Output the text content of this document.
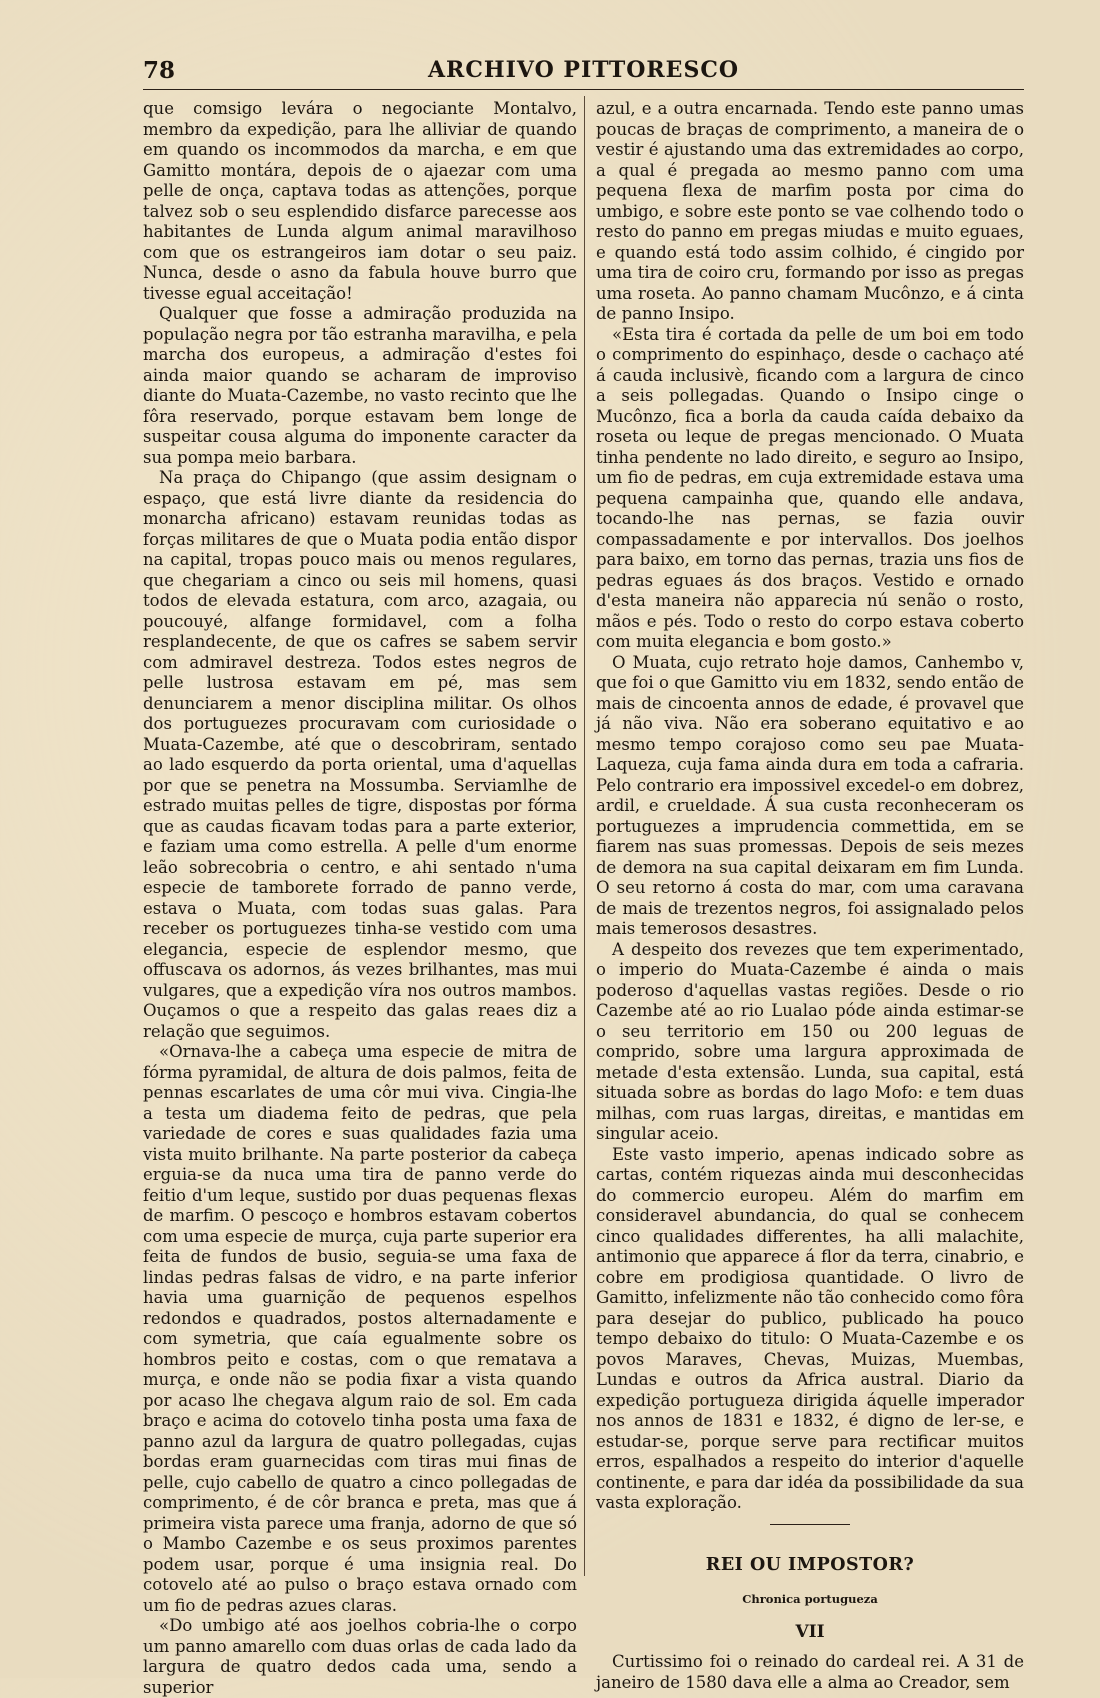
78	ARCHIVO PITTORESCO

que comsigo levára o negociante Montalvo, membro da expedição, para lhe alliviar de quando em quando os incommodos da marcha, e em que Gamitto montára, depois de o ajaezar com uma pelle de onça, captava todas as attenções, porque talvez sob o seu esplendido disfarce parecesse aos habitantes de Lunda algum animal maravilhoso com que os estrangeiros iam dotar o seu paiz. Nunca, desde o asno da fabula houve burro que tivesse egual acceitação!

Qualquer que fosse a admiração produzida na população negra por tão estranha maravilha, e pela marcha dos europeus, a admiração d'estes foi ainda maior quando se acharam de improviso diante do Muata-Cazembe, no vasto recinto que lhe fôra reservado, porque estavam bem longe de suspeitar cousa alguma do imponente caracter da sua pompa meio barbara.

Na praça do Chipango (que assim designam o espaço, que está livre diante da residencia do monarcha africano) estavam reunidas todas as forças militares de que o Muata podia então dispor na capital, tropas pouco mais ou menos regulares, que chegariam a cinco ou seis mil homens, quasi todos de elevada estatura, com arco, azagaia, ou poucouyé, alfange formidavel, com a folha resplandecente, de que os cafres se sabem servir com admiravel destreza. Todos estes negros de pelle lustrosa estavam em pé, mas sem denunciarem a menor disciplina militar. Os olhos dos portuguezes procuravam com curiosidade o Muata-Cazembe, até que o descobriram, sentado ao lado esquerdo da porta oriental, uma d'aquellas por que se penetra na Mossumba. Serviamlhe de estrado muitas pelles de tigre, dispostas por fórma que as caudas ficavam todas para a parte exterior, e faziam uma como estrella. A pelle d'um enorme leão sobrecobria o centro, e ahi sentado n'uma especie de tamborete forrado de panno verde, estava o Muata, com todas suas galas. Para receber os portuguezes tinha-se vestido com uma elegancia, especie de esplendor mesmo, que offuscava os adornos, ás vezes brilhantes, mas mui vulgares, que a expedição víra nos outros mambos. Ouçamos o que a respeito das galas reaes diz a relação que seguimos.

«Ornava-lhe a cabeça uma especie de mitra de fórma pyramidal, de altura de dois palmos, feita de pennas escarlates de uma côr mui viva. Cingia-lhe a testa um diadema feito de pedras, que pela variedade de cores e suas qualidades fazia uma vista muito brilhante. Na parte posterior da cabeça erguia-se da nuca uma tira de panno verde do feitio d'um leque, sustido por duas pequenas flexas de marfim. O pescoço e hombros estavam cobertos com uma especie de murça, cuja parte superior era feita de fundos de busio, seguia-se uma faxa de lindas pedras falsas de vidro, e na parte inferior havia uma guarnição de pequenos espelhos redondos e quadrados, postos alternadamente e com symetria, que caía egualmente sobre os hombros peito e costas, com o que rematava a murça, e onde não se podia fixar a vista quando por acaso lhe chegava algum raio de sol. Em cada braço e acima do cotovelo tinha posta uma faxa de panno azul da largura de quatro pollegadas, cujas bordas eram guarnecidas com tiras mui finas de pelle, cujo cabello de quatro a cinco pollegadas de comprimento, é de côr branca e preta, mas que á primeira vista parece uma franja, adorno de que só o Mambo Cazembe e os seus proximos parentes podem usar, porque é uma insignia real. Do cotovelo até ao pulso o braço estava ornado com um fio de pedras azues claras.

«Do umbigo até aos joelhos cobria-lhe o corpo um panno amarello com duas orlas de cada lado da largura de quatro dedos cada uma, sendo a superior

azul, e a outra encarnada. Tendo este panno umas poucas de braças de comprimento, a maneira de o vestir é ajustando uma das extremidades ao corpo, a qual é pregada ao mesmo panno com uma pequena flexa de marfim posta por cima do umbigo, e sobre este ponto se vae colhendo todo o resto do panno em pregas miudas e muito eguaes, e quando está todo assim colhido, é cingido por uma tira de coiro cru, formando por isso as pregas uma roseta. Ao panno chamam Mucônzo, e á cinta de panno Insipo.

«Esta tira é cortada da pelle de um boi em todo o comprimento do espinhaço, desde o cachaço até á cauda inclusivè, ficando com a largura de cinco a seis pollegadas. Quando o Insipo cinge o Mucônzo, fica a borla da cauda caída debaixo da roseta ou leque de pregas mencionado. O Muata tinha pendente no lado direito, e seguro ao Insipo, um fio de pedras, em cuja extremidade estava uma pequena campainha que, quando elle andava, tocando-lhe nas pernas, se fazia ouvir compassadamente e por intervallos. Dos joelhos para baixo, em torno das pernas, trazia uns fios de pedras eguaes ás dos braços. Vestido e ornado d'esta maneira não apparecia nú senão o rosto, mãos e pés. Todo o resto do corpo estava coberto com muita elegancia e bom gosto.»

O Muata, cujo retrato hoje damos, Canhembo v, que foi o que Gamitto viu em 1832, sendo então de mais de cincoenta annos de edade, é provavel que já não viva. Não era soberano equitativo e ao mesmo tempo corajoso como seu pae Muata-Laqueza, cuja fama ainda dura em toda a cafraria. Pelo contrario era impossivel excedel-o em dobrez, ardil, e crueldade. Á sua custa reconheceram os portuguezes a imprudencia commettida, em se fiarem nas suas promessas. Depois de seis mezes de demora na sua capital deixaram em fim Lunda. O seu retorno á costa do mar, com uma caravana de mais de trezentos negros, foi assignalado pelos mais temerosos desastres.

A despeito dos revezes que tem experimentado, o imperio do Muata-Cazembe é ainda o mais poderoso d'aquellas vastas regiões. Desde o rio Cazembe até ao rio Lualao póde ainda estimar-se o seu territorio em 150 ou 200 leguas de comprido, sobre uma largura approximada de metade d'esta extensão. Lunda, sua capital, está situada sobre as bordas do lago Mofo: e tem duas milhas, com ruas largas, direitas, e mantidas em singular aceio.

Este vasto imperio, apenas indicado sobre as cartas, contém riquezas ainda mui desconhecidas do commercio europeu. Além do marfim em consideravel abundancia, do qual se conhecem cinco qualidades differentes, ha alli malachite, antimonio que apparece á flor da terra, cinabrio, e cobre em prodigiosa quantidade. O livro de Gamitto, infelizmente não tão conhecido como fôra para desejar do publico, publicado ha pouco tempo debaixo do titulo: O Muata-Cazembe e os povos Maraves, Chevas, Muizas, Muembas, Lundas e outros da Africa austral. Diario da expedição portugueza dirigida áquelle imperador nos annos de 1831 e 1832, é digno de ler-se, e estudar-se, porque serve para rectificar muitos erros, espalhados a respeito do interior d'aquelle continente, e para dar idéa da possibilidade da sua vasta exploração.

REI OU IMPOSTOR?
Chronica portugueza
VII

Curtissimo foi o reinado do cardeal rei. A 31 de janeiro de 1580 dava elle a alma ao Creador, sem
